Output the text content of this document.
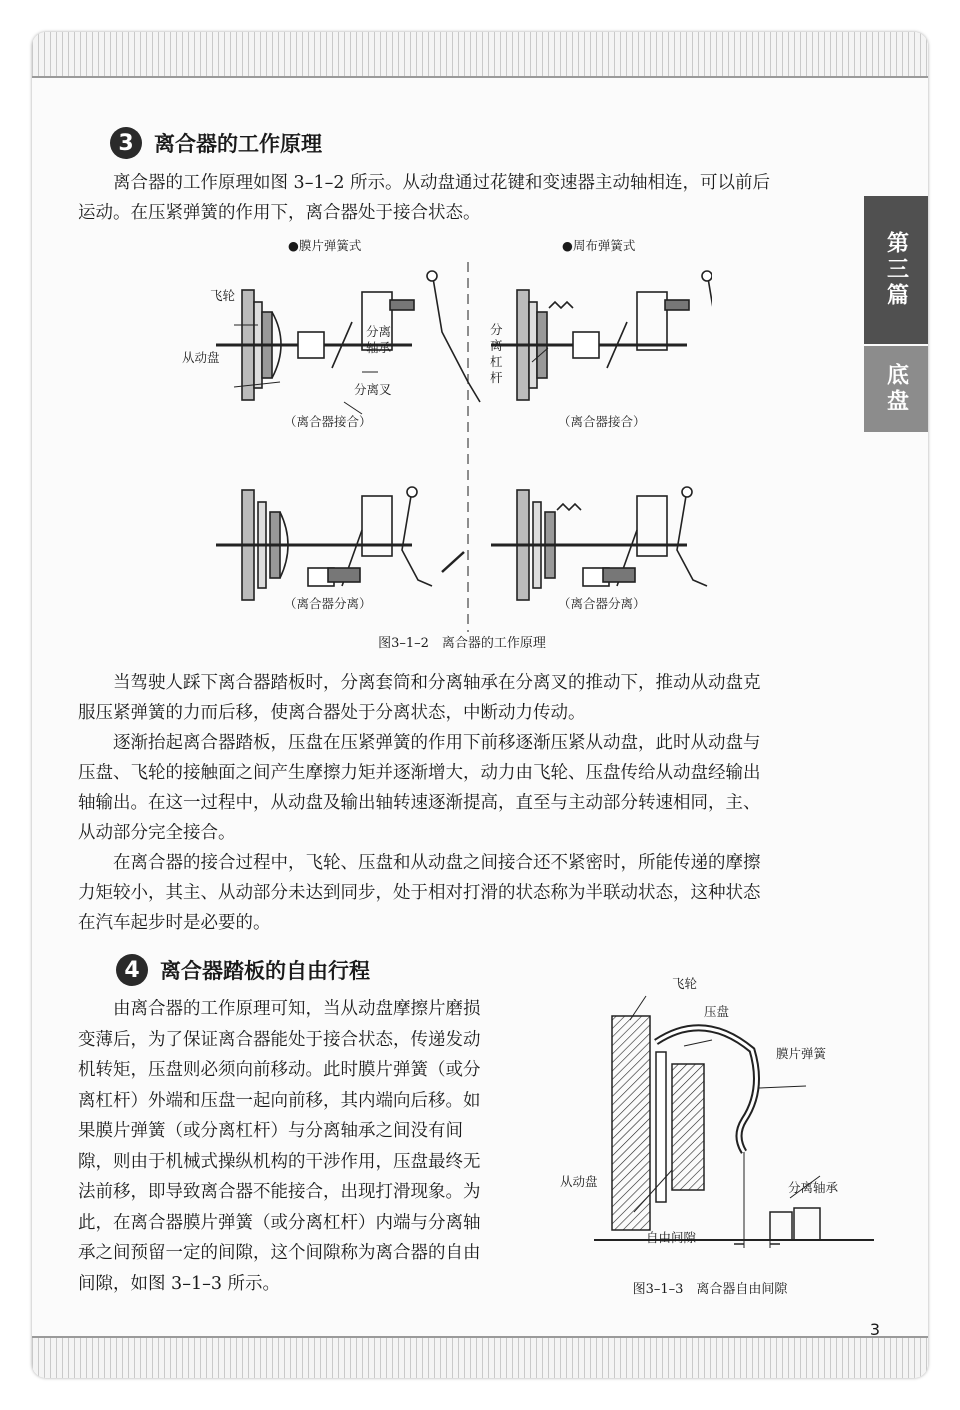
第三篇
底盘
3 离合器的工作原理

离合器的工作原理如图 3–1–2 所示。从动盘通过花键和变速器主动轴相连，可以前后
运动。在压紧弹簧的作用下，离合器处于接合状态。

●膜片弹簧式	●周布弹簧式
飞轮
从动盘
分离轴承
分离叉
分离杠杆
（离合器接合）	（离合器接合）
（离合器分离）	（离合器分离）
图3–1–2　离合器的工作原理

当驾驶人踩下离合器踏板时，分离套筒和分离轴承在分离叉的推动下，推动从动盘克
服压紧弹簧的力而后移，使离合器处于分离状态，中断动力传动。

逐渐抬起离合器踏板，压盘在压紧弹簧的作用下前移逐渐压紧从动盘，此时从动盘与
压盘、飞轮的接触面之间产生摩擦力矩并逐渐增大，动力由飞轮、压盘传给从动盘经输出
轴输出。在这一过程中，从动盘及输出轴转速逐渐提高，直至与主动部分转速相同，主、
从动部分完全接合。

在离合器的接合过程中，飞轮、压盘和从动盘之间接合还不紧密时，所能传递的摩擦
力矩较小，其主、从动部分未达到同步，处于相对打滑的状态称为半联动状态，这种状态
在汽车起步时是必要的。

4 离合器踏板的自由行程

由离合器的工作原理可知，当从动盘摩擦片磨损
变薄后，为了保证离合器能处于接合状态，传递发动
机转矩，压盘则必须向前移动。此时膜片弹簧（或分
离杠杆）外端和压盘一起向前移，其内端向后移。如
果膜片弹簧（或分离杠杆）与分离轴承之间没有间
隙，则由于机械式操纵机构的干涉作用，压盘最终无
法前移，即导致离合器不能接合，出现打滑现象。为
此，在离合器膜片弹簧（或分离杠杆）内端与分离轴
承之间预留一定的间隙，这个间隙称为离合器的自由
间隙，如图 3–1–3 所示。

飞轮
压盘
膜片弹簧
从动盘	分离轴承
自由间隙
图3–1–3　离合器自由间隙
3
